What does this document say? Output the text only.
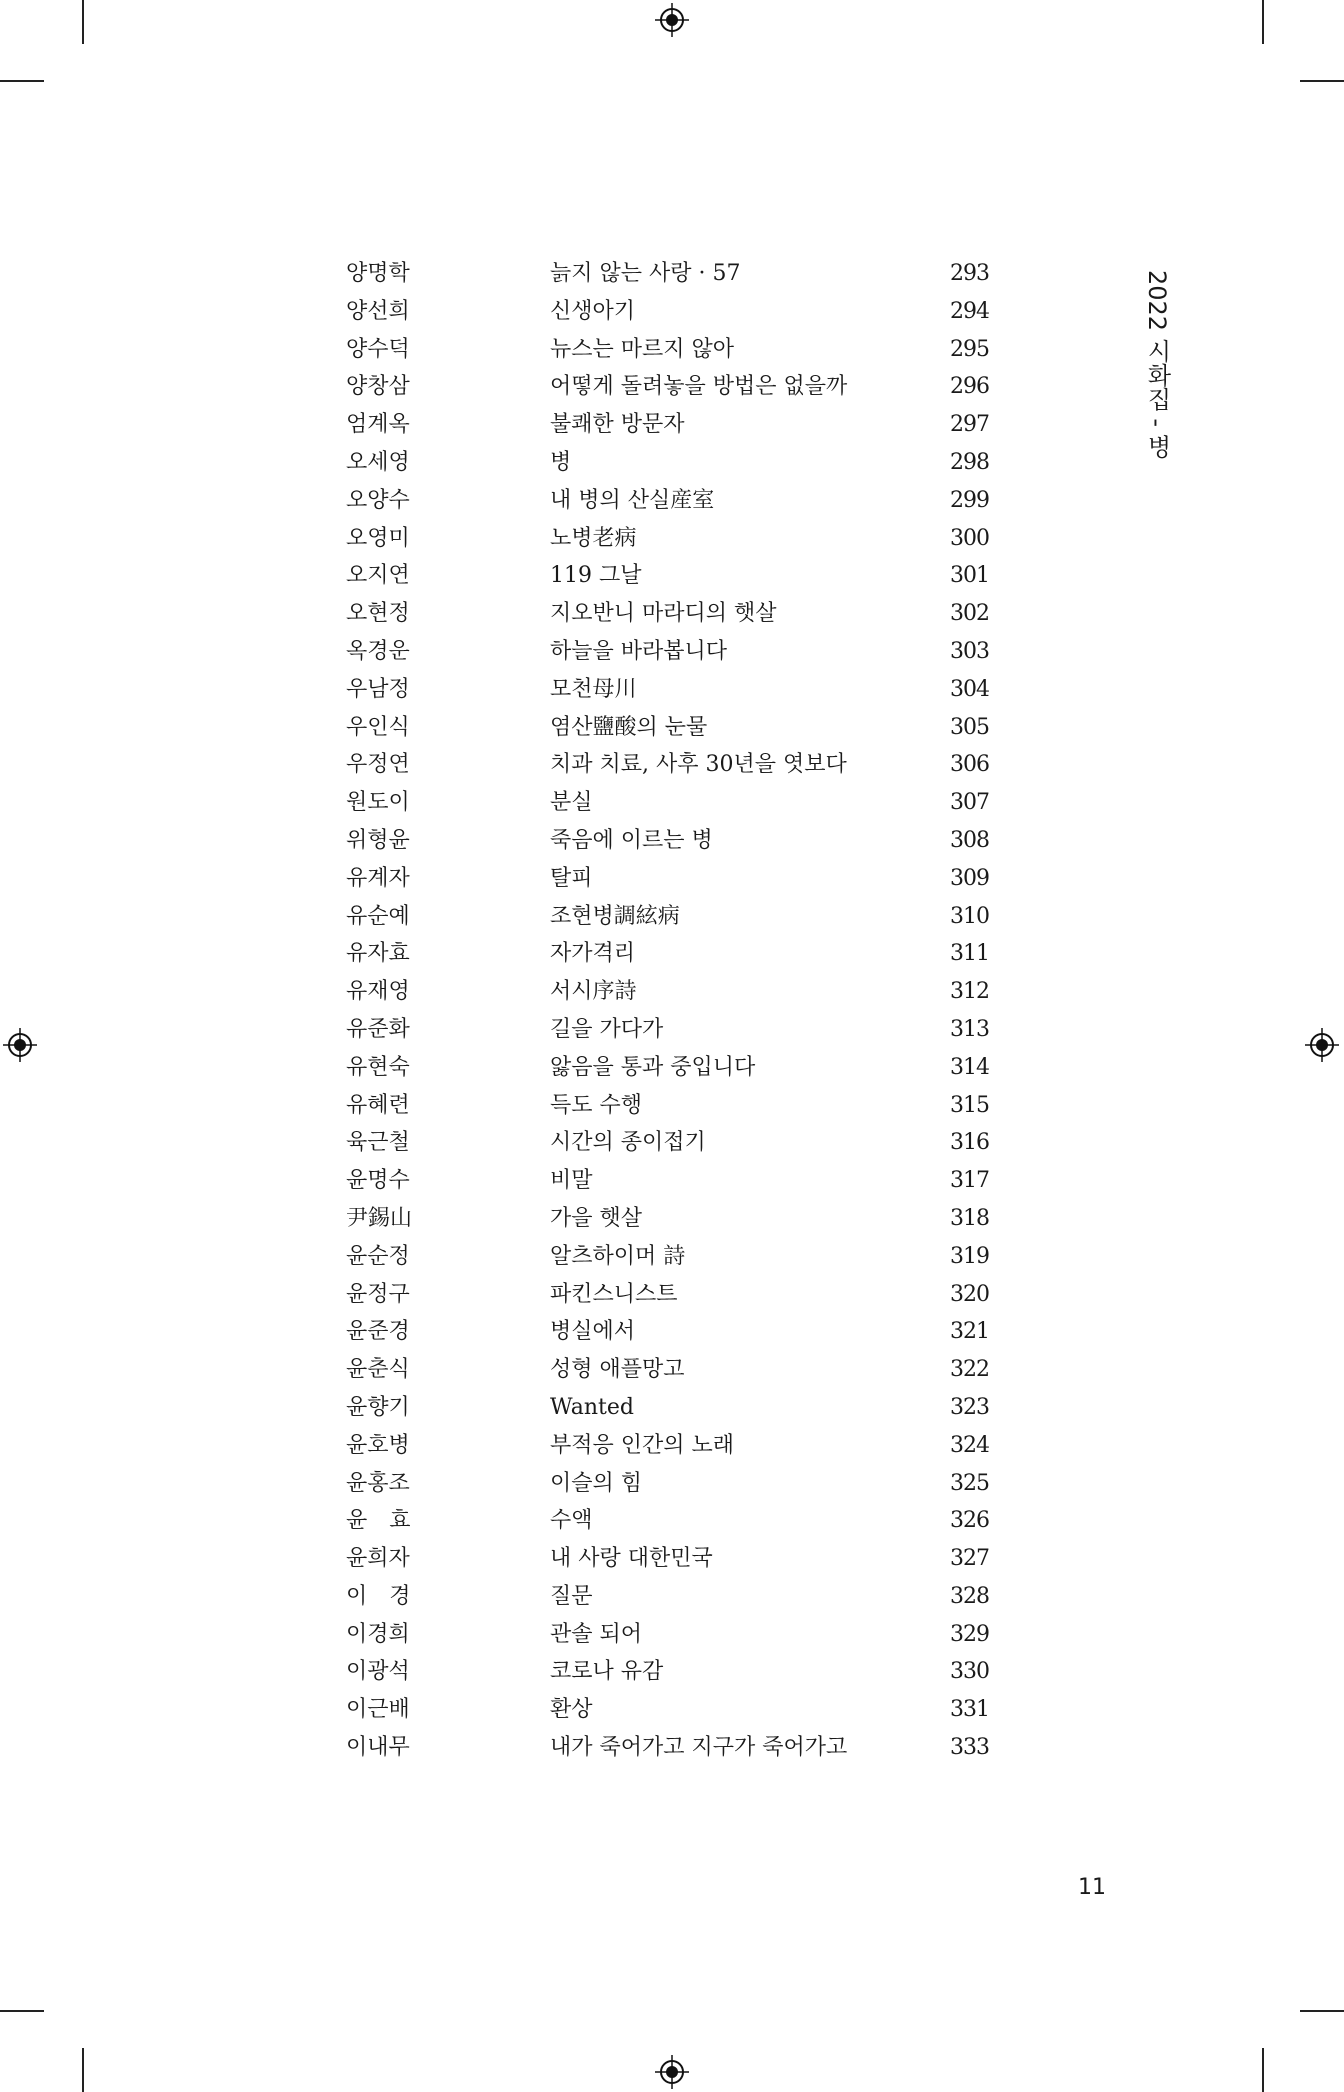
양명학	늙지 않는 사랑 · 57	293
양선희	신생아기	294
양수덕	뉴스는 마르지 않아	295
양창삼	어떻게 돌려놓을 방법은 없을까	296
엄계옥	불쾌한 방문자	297
오세영	병	298
오양수	내 병의 산실産室	299
오영미	노병老病	300
오지연	119 그날	301
오현정	지오반니 마라디의 햇살	302
옥경운	하늘을 바라봅니다	303
우남정	모천母川	304
우인식	염산鹽酸의 눈물	305
우정연	치과 치료, 사후 30년을 엿보다	306
원도이	분실	307
위형윤	죽음에 이르는 병	308
유계자	탈피	309
유순예	조현병調絃病	310
유자효	자가격리	311
유재영	서시序詩	312
유준화	길을 가다가	313
유현숙	앓음을 통과 중입니다	314
유혜련	득도 수행	315
육근철	시간의 종이접기	316
윤명수	비말	317
尹錫山	가을 햇살	318
윤순정	알츠하이머 詩	319
윤정구	파킨스니스트	320
윤준경	병실에서	321
윤춘식	성형 애플망고	322
윤향기	Wanted	323
윤호병	부적응 인간의 노래	324
윤홍조	이슬의 힘	325
윤　효	수액	326
윤희자	내 사랑 대한민국	327
이　경	질문	328
이경희	관솔 되어	329
이광석	코로나 유감	330
이근배	환상	331
이내무	내가 죽어가고 지구가 죽어가고	333
2022 시화집 - 병
11
